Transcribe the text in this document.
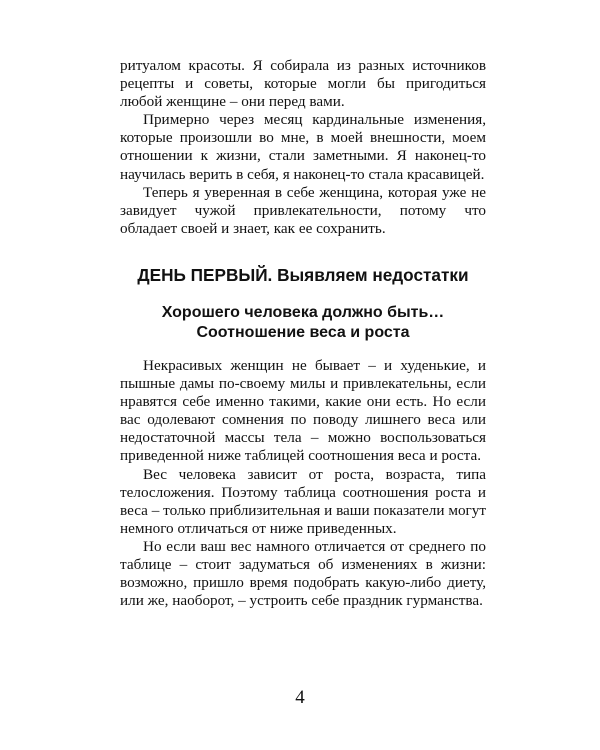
ритуалом красоты. Я собирала из разных источников рецепты и советы, которые могли бы пригодиться любой женщине – они перед вами.

Примерно через месяц кардинальные изменения, которые произошли во мне, в моей внешности, моем отношении к жизни, стали заметными. Я наконец-то научилась верить в себя, я наконец-то стала красавицей.

Теперь я уверенная в себе женщина, которая уже не завидует чужой привлекательности, потому что обладает своей и знает, как ее сохранить.

ДЕНЬ ПЕРВЫЙ. Выявляем недостатки
Хорошего человека должно быть…
Соотношение веса и роста

Некрасивых женщин не бывает – и худенькие, и пышные дамы по-своему милы и привлекательны, если нравятся себе именно такими, какие они есть. Но если вас одолевают сомнения по поводу лишнего веса или недостаточной массы тела – можно воспользоваться приведенной ниже таблицей соотношения веса и роста.

Вес человека зависит от роста, возраста, типа телосложения. Поэтому таблица соотношения роста и веса – только приблизительная и ваши показатели могут немного отличаться от ниже приведенных.

Но если ваш вес намного отличается от среднего по таблице – стоит задуматься об изменениях в жизни: возможно, пришло время подобрать какую-либо диету, или же, наоборот, – устроить себе праздник гурманства.

4
